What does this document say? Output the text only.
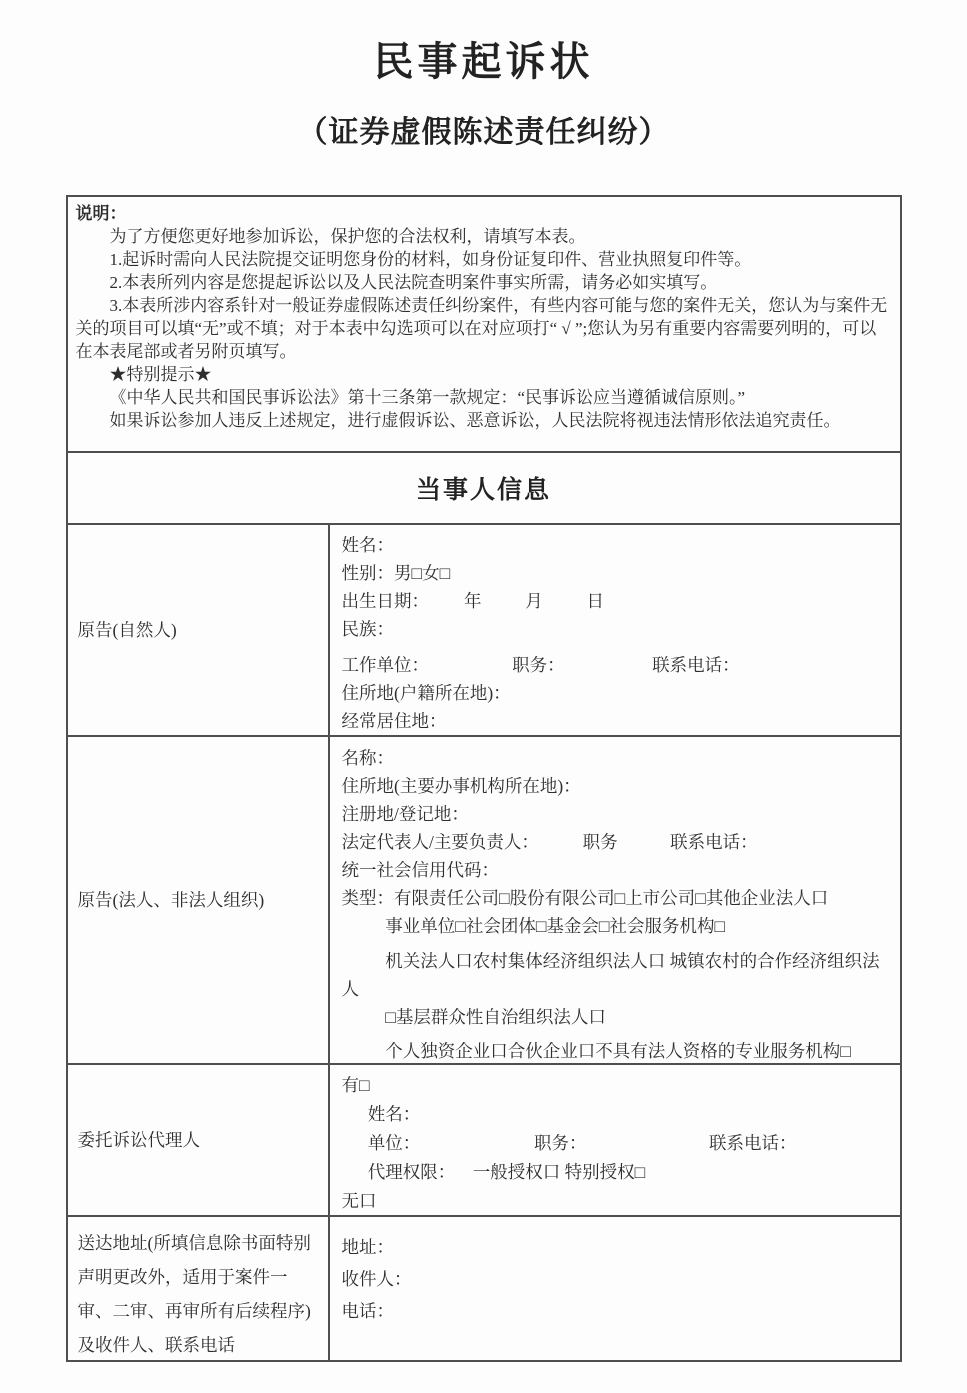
民事起诉状
（证券虚假陈述责任纠纷）

说明：

为了方便您更好地参加诉讼，保护您的合法权利，请填写本表。

1.起诉时需向人民法院提交证明您身份的材料，如身份证复印件、营业执照复印件等。

2.本表所列内容是您提起诉讼以及人民法院查明案件事实所需，请务必如实填写。

3.本表所涉内容系针对一般证券虚假陈述责任纠纷案件，有些内容可能与您的案件无关，您认为与案件无关的项目可以填“无”或不填；对于本表中勾选项可以在对应项打“ √ ”;您认为另有重要内容需要列明的，可以在本表尾部或者另附页填写。

★特别提示★

《中华人民共和国民事诉讼法》第十三条第一款规定：“民事诉讼应当遵循诚信原则。”

如果诉讼参加人违反上述规定，进行虚假诉讼、恶意诉讼，人民法院将视违法情形依法追究责任。

当事人信息
原告(自然人)
姓名：
性别：男□女□
出生日期：        年          月          日
民族：
工作单位：                   职务：                    联系电话：
住所地(户籍所在地)：
经常居住地：
原告(法人、非法人组织)
名称：
住所地(主要办事机构所在地)：
注册地/登记地：
法定代表人/主要负责人：          职务            联系电话：
统一社会信用代码：
类型：有限责任公司□股份有限公司□上市公司□其他企业法人口
事业单位□社会团体□基金会□社会服务机构□
机关法人口农村集体经济组织法人口 城镇农村的合作经济组织法人
□基层群众性自治组织法人口
个人独资企业口合伙企业口不具有法人资格的专业服务机构□
委托诉讼代理人
有□
姓名：
单位：                          职务：                            联系电话：
代理权限：    一般授权口 特别授权□
无口
送达地址(所填信息除书面特别声明更改外，适用于案件一审、二审、再审所有后续程序)及收件人、联系电话
地址：
收件人：
电话：
